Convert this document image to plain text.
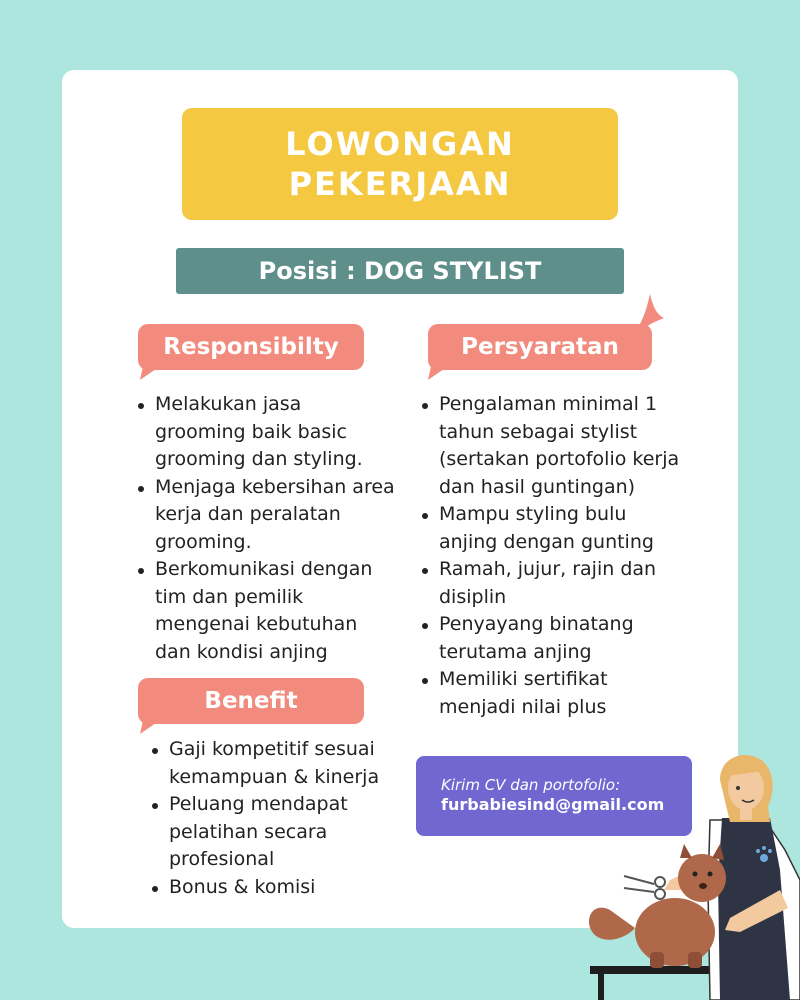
LOWONGAN
PEKERJAAN
Posisi : DOG STYLIST
Responsibilty
Melakukan jasa grooming baik basic grooming dan styling.
Menjaga kebersihan area kerja dan peralatan grooming.
Berkomunikasi dengan tim dan pemilik mengenai kebutuhan dan kondisi anjing
Persyaratan
Pengalaman minimal 1 tahun sebagai stylist (sertakan portofolio kerja dan hasil guntingan)
Mampu styling bulu anjing dengan gunting
Ramah, jujur, rajin dan disiplin
Penyayang binatang terutama anjing
Memiliki sertifikat menjadi nilai plus
Benefit
Gaji kompetitif sesuai kemampuan & kinerja
Peluang mendapat pelatihan secara profesional
Bonus & komisi
Kirim CV dan portofolio:
furbabiesind@gmail.com
